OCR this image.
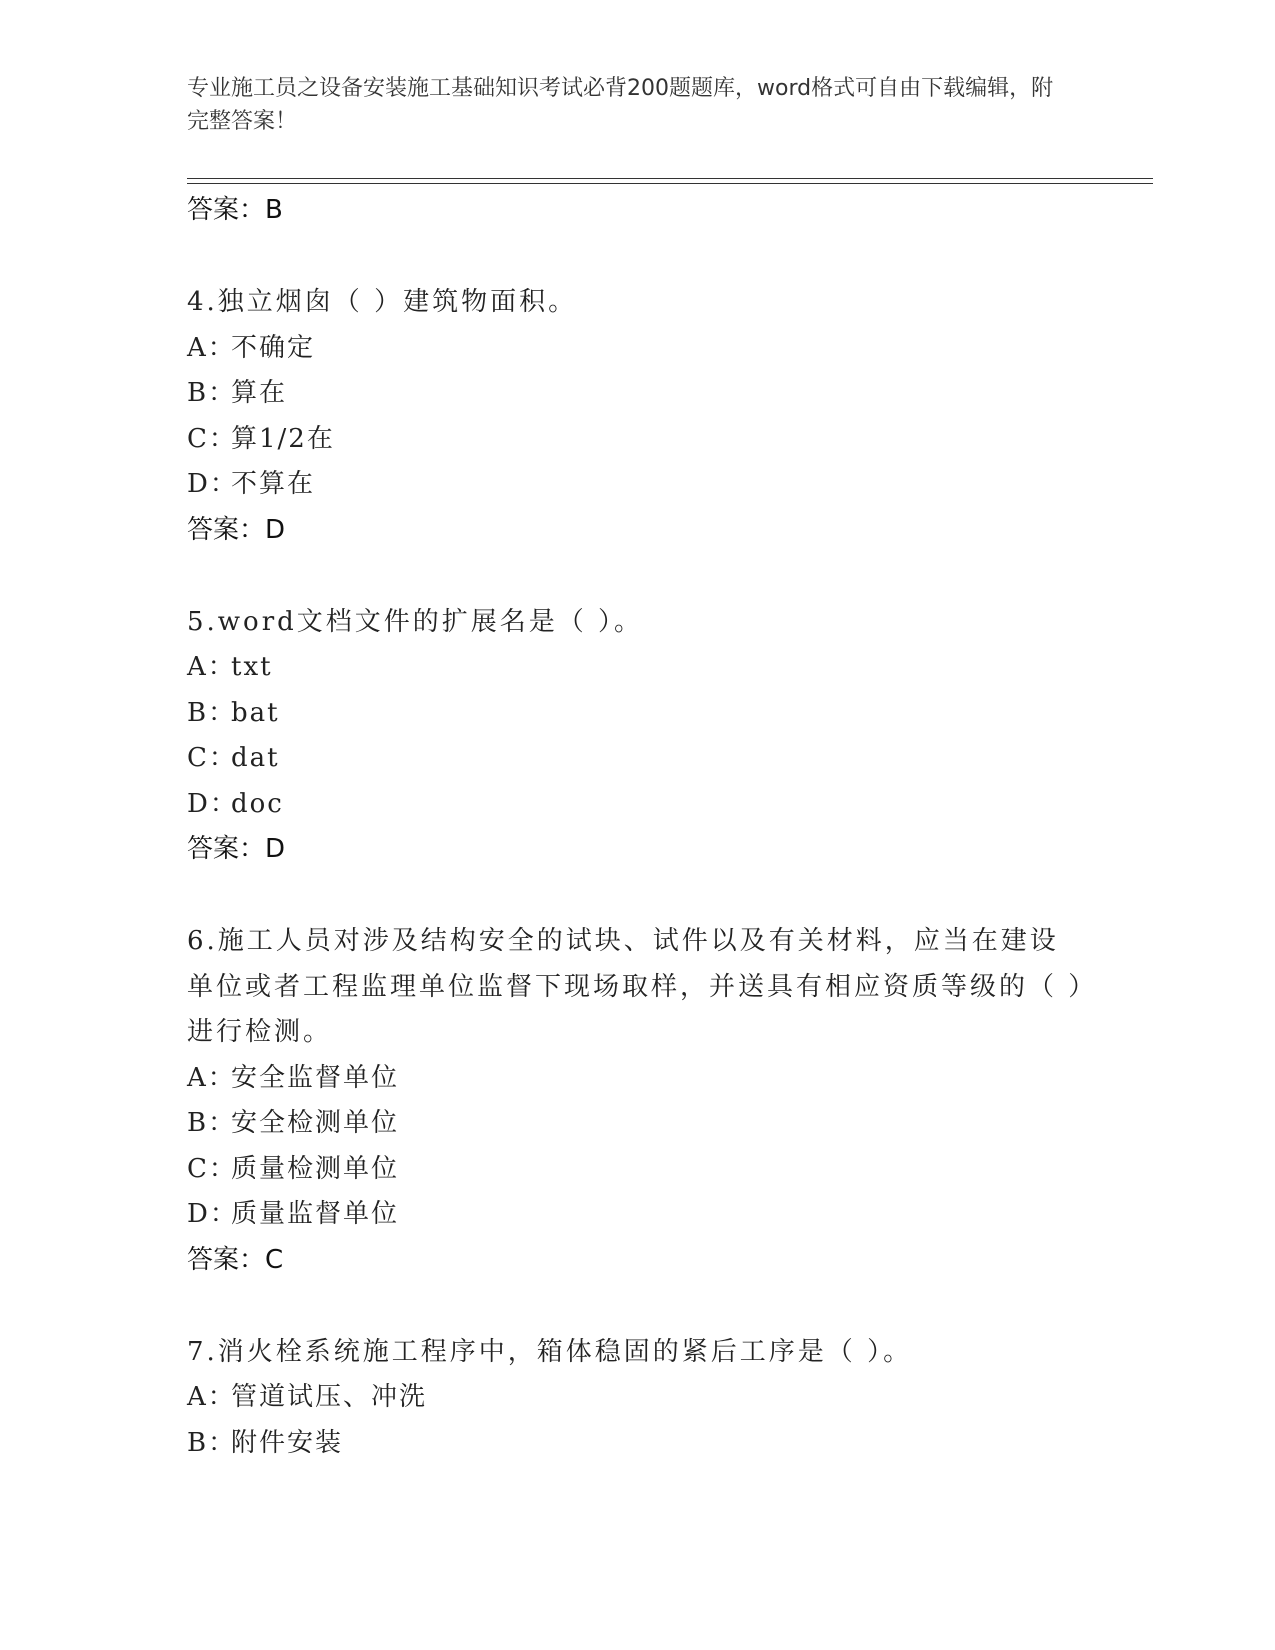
专业施工员之设备安装施工基础知识考试必背200题题库，word格式可自由下载编辑，附完整答案！
答案：B
4.独立烟囱（ ）建筑物面积。
A：不确定
B：算在
C：算1/2在
D：不算在
答案：D
5.word文档文件的扩展名是（ ）。
A：txt
B：bat
C：dat
D：doc
答案：D
6.施工人员对涉及结构安全的试块、试件以及有关材料，应当在建设单位或者工程监理单位监督下现场取样，并送具有相应资质等级的（ ）进行检测。
A：安全监督单位
B：安全检测单位
C：质量检测单位
D：质量监督单位
答案：C
7.消火栓系统施工程序中，箱体稳固的紧后工序是（ ）。
A：管道试压、冲洗
B：附件安装
